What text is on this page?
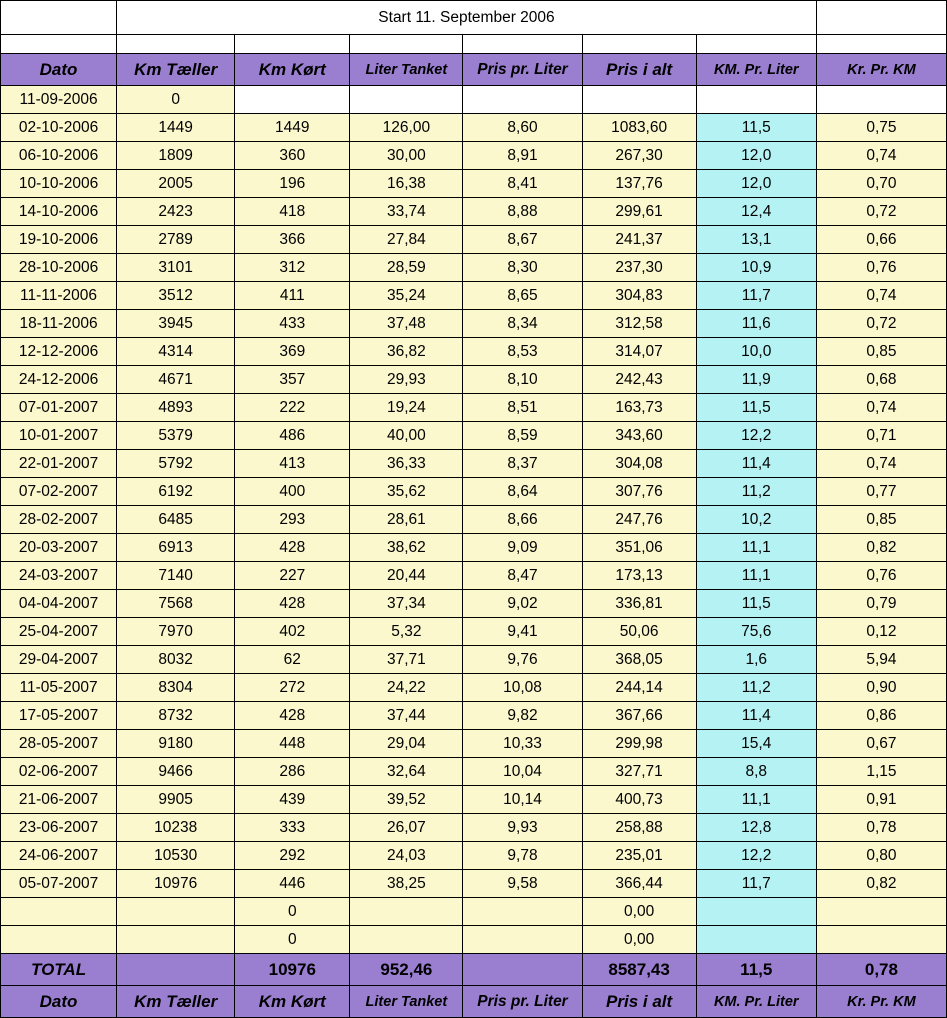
	Start 11. September 2006						

Dato	Km Tæller	Km Kørt	Liter Tanket	Pris pr. Liter	Pris i alt	KM. Pr. Liter	Kr. Pr. KM
11-09-2006	0						
02-10-2006	1449	1449	126,00	8,60	1083,60	11,5	0,75
06-10-2006	1809	360	30,00	8,91	267,30	12,0	0,74
10-10-2006	2005	196	16,38	8,41	137,76	12,0	0,70
14-10-2006	2423	418	33,74	8,88	299,61	12,4	0,72
19-10-2006	2789	366	27,84	8,67	241,37	13,1	0,66
28-10-2006	3101	312	28,59	8,30	237,30	10,9	0,76
11-11-2006	3512	411	35,24	8,65	304,83	11,7	0,74
18-11-2006	3945	433	37,48	8,34	312,58	11,6	0,72
12-12-2006	4314	369	36,82	8,53	314,07	10,0	0,85
24-12-2006	4671	357	29,93	8,10	242,43	11,9	0,68
07-01-2007	4893	222	19,24	8,51	163,73	11,5	0,74
10-01-2007	5379	486	40,00	8,59	343,60	12,2	0,71
22-01-2007	5792	413	36,33	8,37	304,08	11,4	0,74
07-02-2007	6192	400	35,62	8,64	307,76	11,2	0,77
28-02-2007	6485	293	28,61	8,66	247,76	10,2	0,85
20-03-2007	6913	428	38,62	9,09	351,06	11,1	0,82
24-03-2007	7140	227	20,44	8,47	173,13	11,1	0,76
04-04-2007	7568	428	37,34	9,02	336,81	11,5	0,79
25-04-2007	7970	402	5,32	9,41	50,06	75,6	0,12
29-04-2007	8032	62	37,71	9,76	368,05	1,6	5,94
11-05-2007	8304	272	24,22	10,08	244,14	11,2	0,90
17-05-2007	8732	428	37,44	9,82	367,66	11,4	0,86
28-05-2007	9180	448	29,04	10,33	299,98	15,4	0,67
02-06-2007	9466	286	32,64	10,04	327,71	8,8	1,15
21-06-2007	9905	439	39,52	10,14	400,73	11,1	0,91
23-06-2007	10238	333	26,07	9,93	258,88	12,8	0,78
24-06-2007	10530	292	24,03	9,78	235,01	12,2	0,80
05-07-2007	10976	446	38,25	9,58	366,44	11,7	0,82
		0			0,00		
		0			0,00		
TOTAL		10976	952,46		8587,43	11,5	0,78
Dato	Km Tæller	Km Kørt	Liter Tanket	Pris pr. Liter	Pris i alt	KM. Pr. Liter	Kr. Pr. KM
